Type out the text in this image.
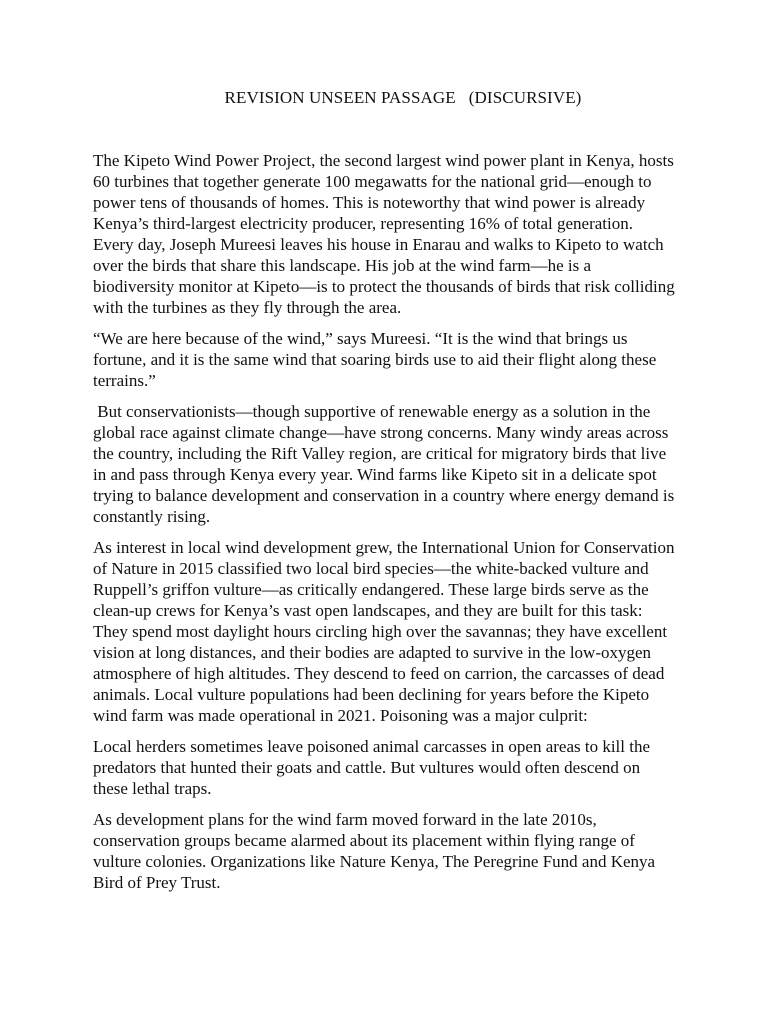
REVISION UNSEEN PASSAGE   (DISCURSIVE)

The Kipeto Wind Power Project, the second largest wind power plant in Kenya, hosts 60 turbines that together generate 100 megawatts for the national grid—enough to power tens of thousands of homes. This is noteworthy that wind power is already Kenya’s third-largest electricity producer, representing 16% of total generation. Every day, Joseph Mureesi leaves his house in Enarau and walks to Kipeto to watch over the birds that share this landscape. His job at the wind farm—he is a biodiversity monitor at Kipeto—is to protect the thousands of birds that risk colliding with the turbines as they fly through the area.

“We are here because of the wind,” says Mureesi. “It is the wind that brings us fortune, and it is the same wind that soaring birds use to aid their flight along these terrains.”

But conservationists—though supportive of renewable energy as a solution in the global race against climate change—have strong concerns. Many windy areas across the country, including the Rift Valley region, are critical for migratory birds that live in and pass through Kenya every year. Wind farms like Kipeto sit in a delicate spot trying to balance development and conservation in a country where energy demand is constantly rising.

As interest in local wind development grew, the International Union for Conservation of Nature in 2015 classified two local bird species—the white-backed vulture and Ruppell’s griffon vulture—as critically endangered. These large birds serve as the clean-up crews for Kenya’s vast open landscapes, and they are built for this task: They spend most daylight hours circling high over the savannas; they have excellent vision at long distances, and their bodies are adapted to survive in the low-oxygen atmosphere of high altitudes. They descend to feed on carrion, the carcasses of dead animals. Local vulture populations had been declining for years before the Kipeto wind farm was made operational in 2021. Poisoning was a major culprit:

Local herders sometimes leave poisoned animal carcasses in open areas to kill the predators that hunted their goats and cattle. But vultures would often descend on these lethal traps.

As development plans for the wind farm moved forward in the late 2010s, conservation groups became alarmed about its placement within flying range of vulture colonies. Organizations like Nature Kenya, The Peregrine Fund and Kenya Bird of Prey Trust.
